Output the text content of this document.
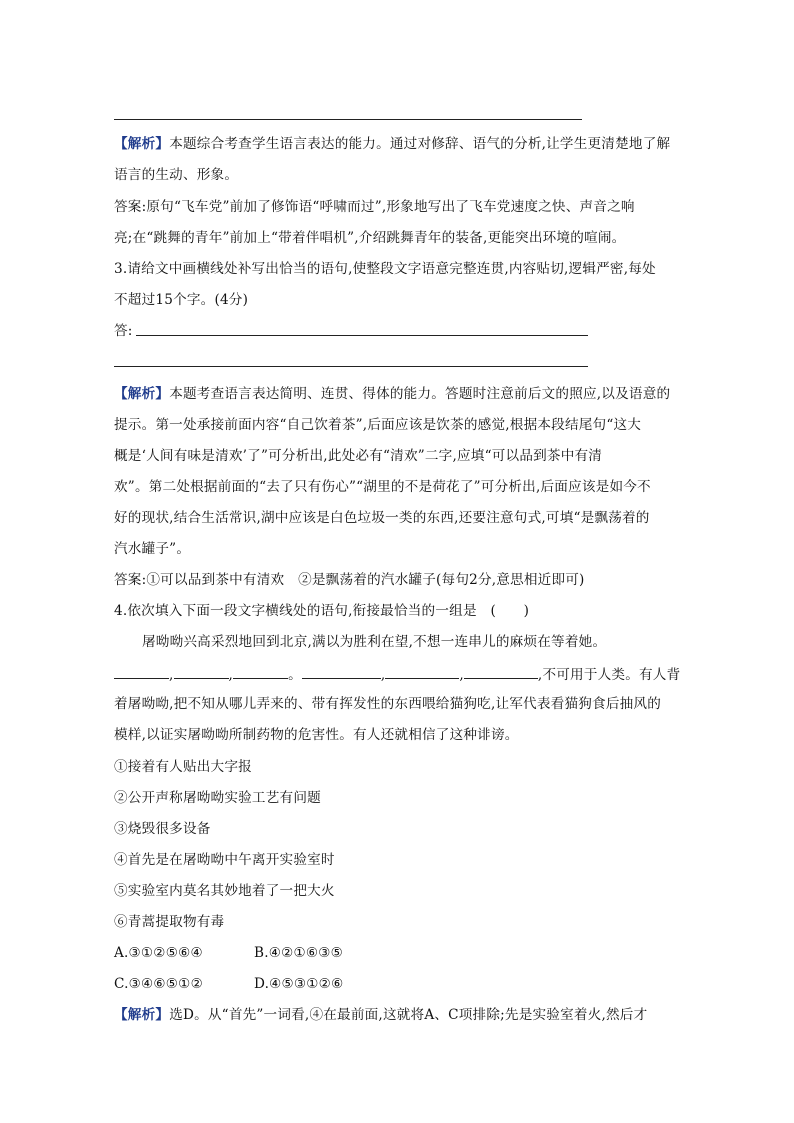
【解析】本题综合考查学生语言表达的能力。通过对修辞、语气的分析,让学生更清楚地了解
语言的生动、形象。
答案:原句“飞车党”前加了修饰语“呼啸而过”,形象地写出了飞车党速度之快、声音之响
亮;在“跳舞的青年”前加上“带着伴唱机”,介绍跳舞青年的装备,更能突出环境的喧闹。
3.请给文中画横线处补写出恰当的语句,使整段文字语意完整连贯,内容贴切,逻辑严密,每处
不超过15个字。(4分)
答:
【解析】本题考查语言表达简明、连贯、得体的能力。答题时注意前后文的照应,以及语意的
提示。第一处承接前面内容“自己饮着茶”,后面应该是饮茶的感觉,根据本段结尾句“这大
概是‘人间有味是清欢’了”可分析出,此处必有“清欢”二字,应填“可以品到茶中有清
欢”。第二处根据前面的“去了只有伤心”“湖里的不是荷花了”可分析出,后面应该是如今不
好的现状,结合生活常识,湖中应该是白色垃圾一类的东西,还要注意句式,可填“是飘荡着的
汽水罐子”。
答案:①可以品到茶中有清欢　②是飘荡着的汽水罐子(每句2分,意思相近即可)
4.依次填入下面一段文字横线处的语句,衔接最恰当的一组是　(　　)
屠呦呦兴高采烈地回到北京,满以为胜利在望,不想一连串儿的麻烦在等着她。
,	,	。	,	,	,不可用于人类。有人背
着屠呦呦,把不知从哪儿弄来的、带有挥发性的东西喂给猫狗吃,让军代表看猫狗食后抽风的
模样,以证实屠呦呦所制药物的危害性。有人还就相信了这种诽谤。
①接着有人贴出大字报
②公开声称屠呦呦实验工艺有问题
③烧毁很多设备
④首先是在屠呦呦中午离开实验室时
⑤实验室内莫名其妙地着了一把大火
⑥青蒿提取物有毒
A.③①②⑤⑥④	B.④②①⑥③⑤
C.③④⑥⑤①②	D.④⑤③①②⑥
【解析】选D。从“首先”一词看,④在最前面,这就将A、C项排除;先是实验室着火,然后才
